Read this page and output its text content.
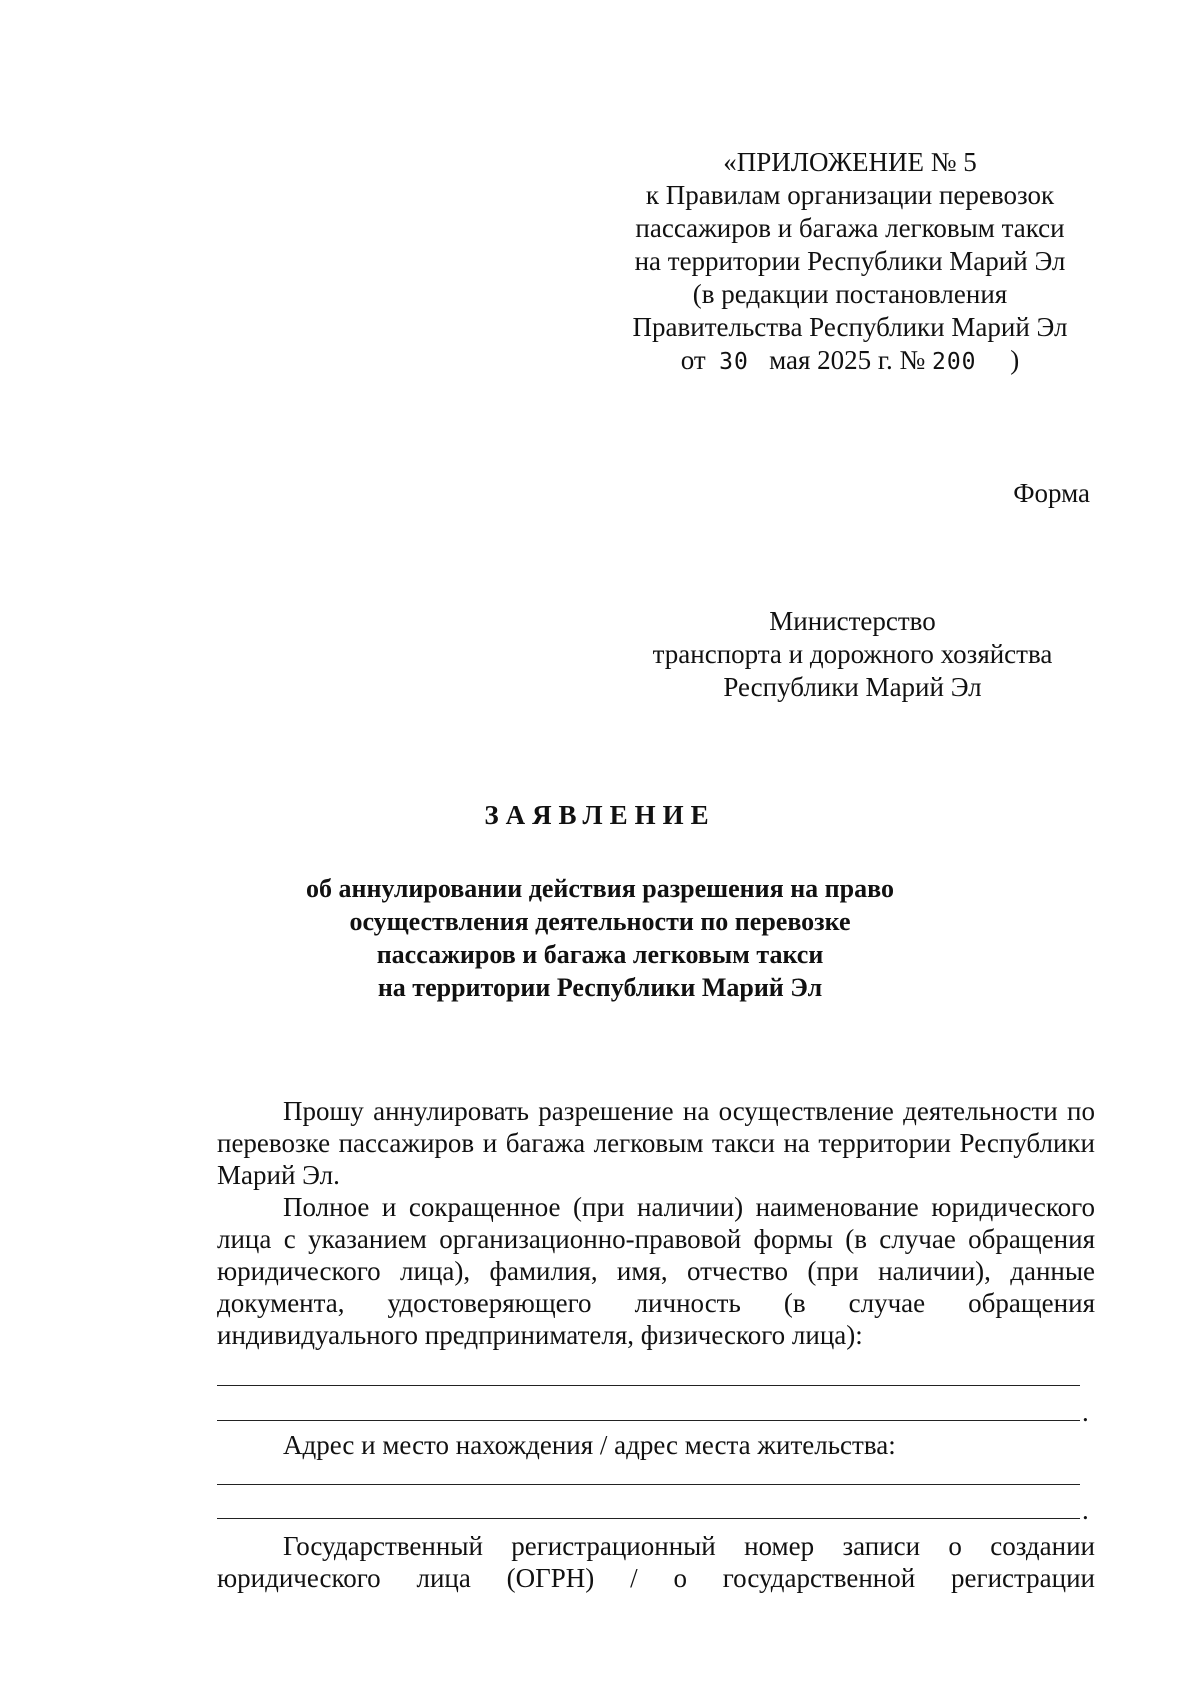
«ПРИЛОЖЕНИЕ № 5
к Правилам организации перевозок
пассажиров и багажа легковым такси
на территории Республики Марий Эл
(в редакции постановления
Правительства Республики Марий Эл
от 30 мая 2025 г. № 200 )
Форма
Министерство
транспорта и дорожного хозяйства
Республики Марий Эл
ЗАЯВЛЕНИЕ
об аннулировании действия разрешения на право
осуществления деятельности по перевозке
пассажиров и багажа легковым такси
на территории Республики Марий Эл

Прошу аннулировать разрешение на осуществление деятельности по перевозке пассажиров и багажа легковым такси на территории Республики Марий Эл.

Полное и сокращенное (при наличии) наименование юридического лица с указанием организационно-правовой формы (в случае обращения юридического лица), фамилия, имя, отчество (при наличии), данные документа, удостоверяющего личность (в случае обращения индивидуального предпринимателя, физического лица):

.
Адрес и место нахождения / адрес места жительства:
.

Государственный регистрационный номер записи о создании юридического лица (ОГРН) / о государственной регистрации
